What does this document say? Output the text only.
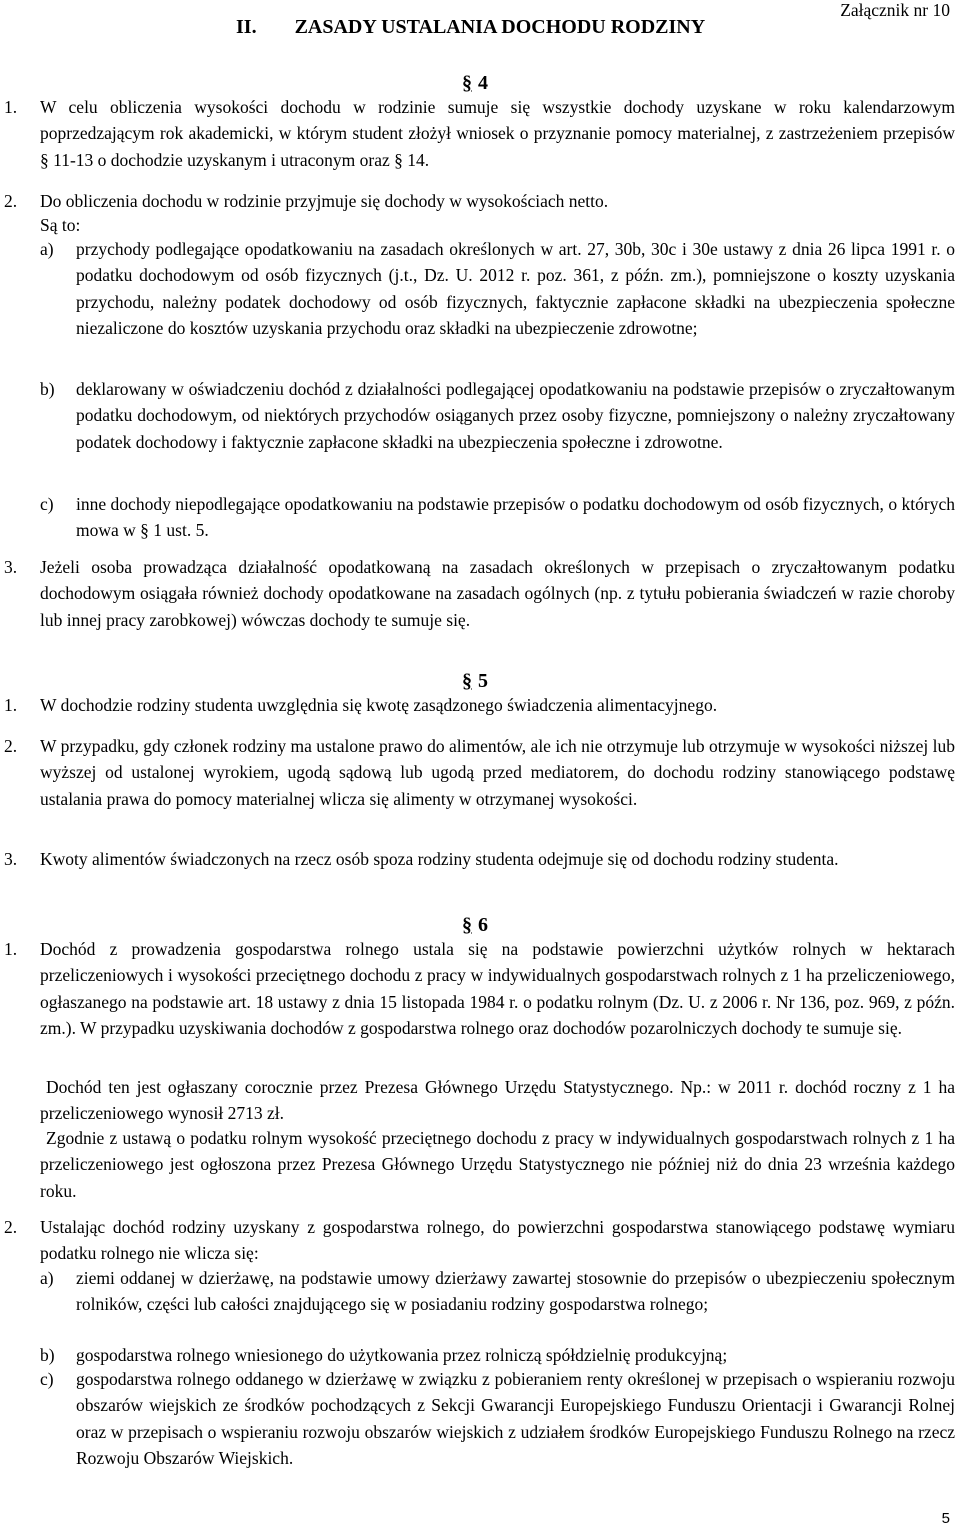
II. ZASADY USTALANIA DOCHODU RODZINY
Załącznik nr 10
§ 4
1. W celu obliczenia wysokości dochodu w rodzinie sumuje się wszystkie dochody uzyskane w roku kalendarzowym poprzedzającym rok akademicki, w którym student złożył wniosek o przyznanie pomocy materialnej, z zastrzeżeniem przepisów § 11-13 o dochodzie uzyskanym i utraconym oraz § 14.
2. Do obliczenia dochodu w rodzinie przyjmuje się dochody w wysokościach netto.
Są to:
a) przychody podlegające opodatkowaniu na zasadach określonych w art. 27, 30b, 30c i 30e ustawy z dnia 26 lipca 1991 r. o podatku dochodowym od osób fizycznych (j.t., Dz. U. 2012 r. poz. 361, z późn. zm.), pomniejszone o koszty uzyskania przychodu, należny podatek dochodowy od osób fizycznych, faktycznie zapłacone składki na ubezpieczenia społeczne niezaliczone do kosztów uzyskania przychodu oraz składki na ubezpieczenie zdrowotne;
b) deklarowany w oświadczeniu dochód z działalności podlegającej opodatkowaniu na podstawie przepisów o zryczałtowanym podatku dochodowym, od niektórych przychodów osiąganych przez osoby fizyczne, pomniejszony o należny zryczałtowany podatek dochodowy i faktycznie zapłacone składki na ubezpieczenia społeczne i zdrowotne.
c) inne dochody niepodlegające opodatkowaniu na podstawie przepisów o podatku dochodowym od osób fizycznych, o których mowa w § 1 ust. 5.
3. Jeżeli osoba prowadząca działalność opodatkowaną na zasadach określonych w przepisach o zryczałtowanym podatku dochodowym osiągała również dochody opodatkowane na zasadach ogólnych (np. z tytułu pobierania świadczeń w razie choroby lub innej pracy zarobkowej) wówczas dochody te sumuje się.
§ 5
1. W dochodzie rodziny studenta uwzględnia się kwotę zasądzonego świadczenia alimentacyjnego.
2. W przypadku, gdy członek rodziny ma ustalone prawo do alimentów, ale ich nie otrzymuje lub otrzymuje w wysokości niższej lub wyższej od ustalonej wyrokiem, ugodą sądową lub ugodą przed mediatorem, do dochodu rodziny stanowiącego podstawę ustalania prawa do pomocy materialnej wlicza się alimenty w otrzymanej wysokości.
3. Kwoty alimentów świadczonych na rzecz osób spoza rodziny studenta odejmuje się od dochodu rodziny studenta.
§ 6
1. Dochód z prowadzenia gospodarstwa rolnego ustala się na podstawie powierzchni użytków rolnych w hektarach przeliczeniowych i wysokości przeciętnego dochodu z pracy w indywidualnych gospodarstwach rolnych z 1 ha przeliczeniowego, ogłaszanego na podstawie art. 18 ustawy z dnia 15 listopada 1984 r. o podatku rolnym (Dz. U. z 2006 r. Nr 136, poz. 969, z późn. zm.). W przypadku uzyskiwania dochodów z gospodarstwa rolnego oraz dochodów pozarolniczych dochody te sumuje się.
Dochód ten jest ogłaszany corocznie przez Prezesa Głównego Urzędu Statystycznego. Np.: w 2011 r. dochód roczny z 1 ha przeliczeniowego wynosił 2713 zł.
Zgodnie z ustawą o podatku rolnym wysokość przeciętnego dochodu z pracy w indywidualnych gospodarstwach rolnych z 1 ha przeliczeniowego jest ogłoszona przez Prezesa Głównego Urzędu Statystycznego nie później niż do dnia 23 września każdego roku.
2. Ustalając dochód rodziny uzyskany z gospodarstwa rolnego, do powierzchni gospodarstwa stanowiącego podstawę wymiaru podatku rolnego nie wlicza się:
a) ziemi oddanej w dzierżawę, na podstawie umowy dzierżawy zawartej stosownie do przepisów o ubezpieczeniu społecznym rolników, części lub całości znajdującego się w posiadaniu rodziny gospodarstwa rolnego;
b) gospodarstwa rolnego wniesionego do użytkowania przez rolniczą spółdzielnię produkcyjną;
c) gospodarstwa rolnego oddanego w dzierżawę w związku z pobieraniem renty określonej w przepisach o wspieraniu rozwoju obszarów wiejskich ze środków pochodzących z Sekcji Gwarancji Europejskiego Funduszu Orientacji i Gwarancji Rolnej oraz w przepisach o wspieraniu rozwoju obszarów wiejskich z udziałem środków Europejskiego Funduszu Rolnego na rzecz Rozwoju Obszarów Wiejskich.
5
